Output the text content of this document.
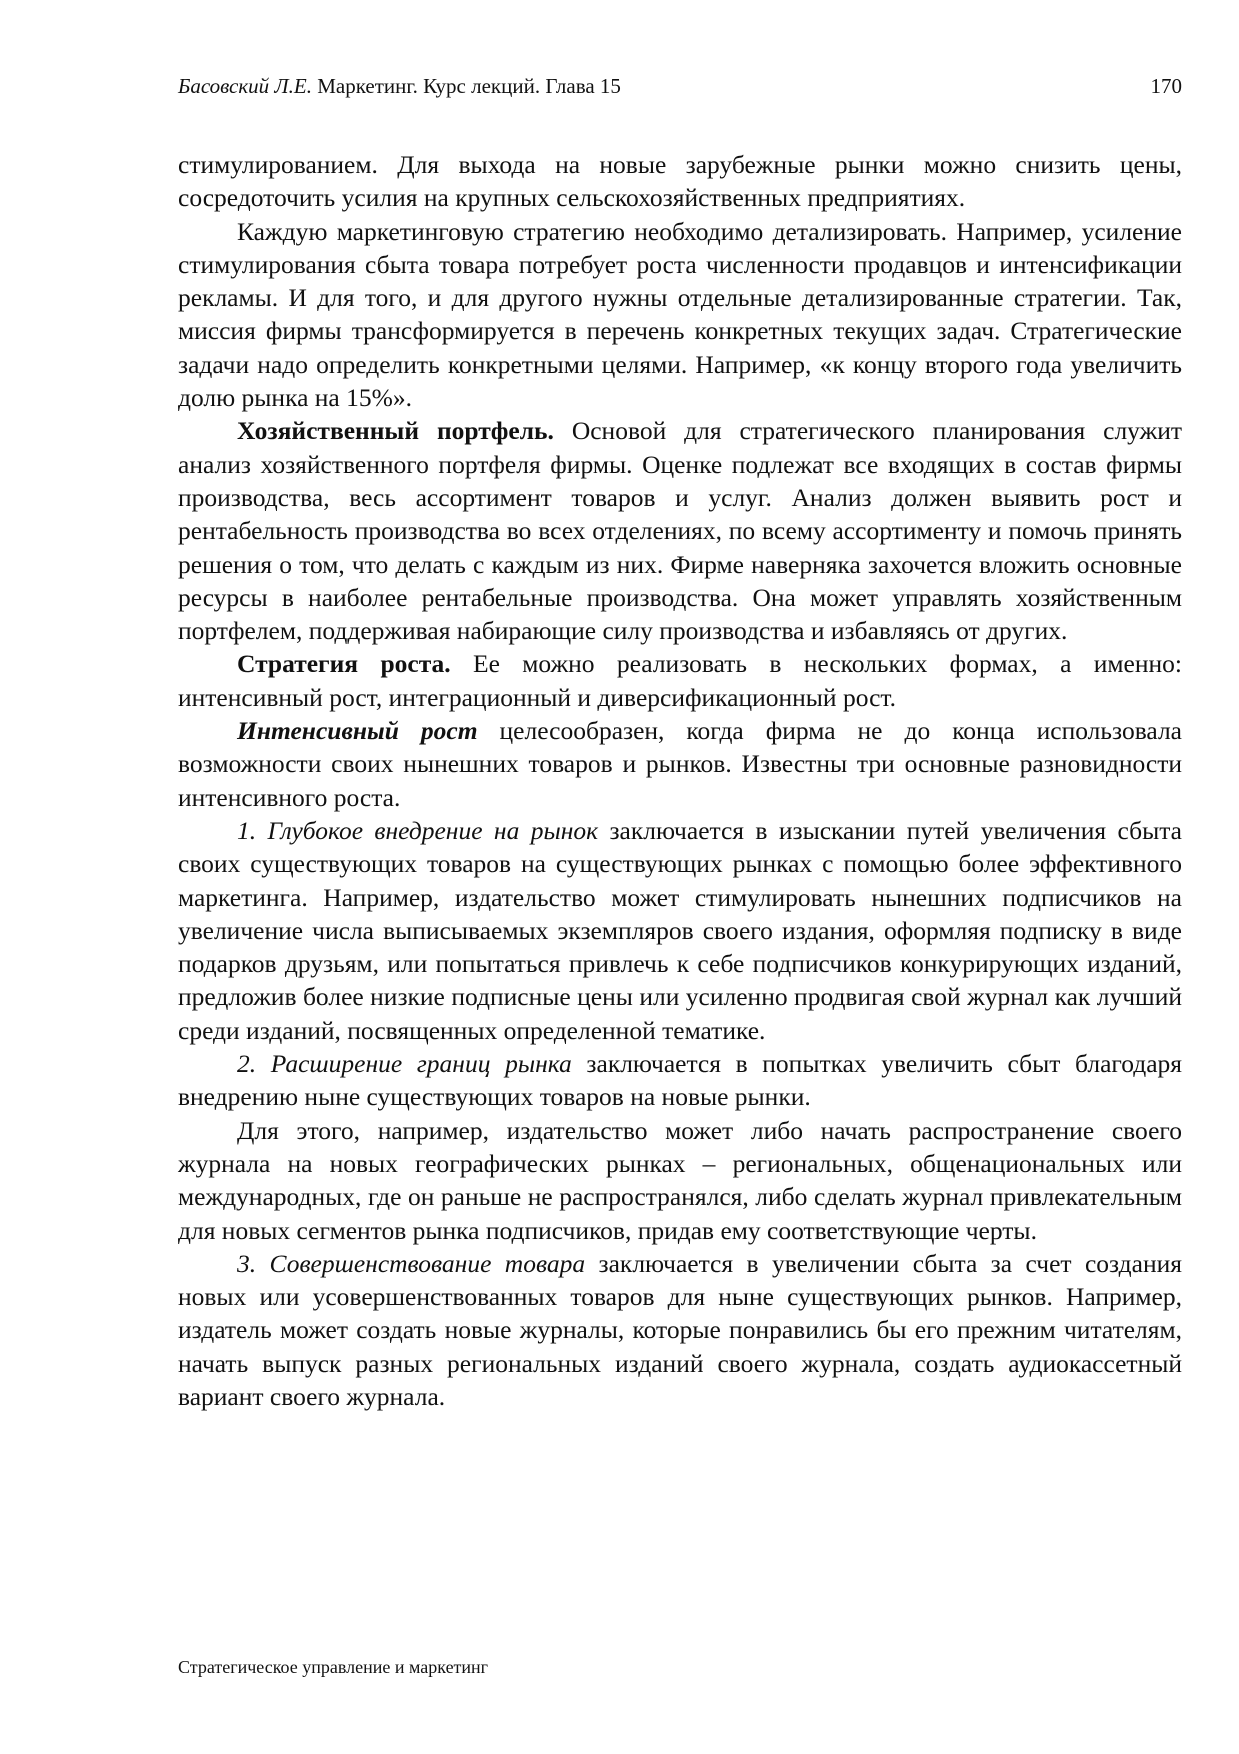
Басовский Л.Е. Маркетинг. Курс лекций. Глава 15	170

стимулированием. Для выхода на новые зарубежные рынки можно снизить цены, сосредоточить усилия на крупных сельскохозяйственных предприятиях.

Каждую маркетинговую стратегию необходимо детализировать. Например, усиление стимулирования сбыта товара потребует роста численности продавцов и интенсификации рекламы. И для того, и для другого нужны отдельные детализированные стратегии. Так, миссия фирмы трансформируется в перечень конкретных текущих задач. Стратегические задачи надо определить конкретными целями. Например, «к концу второго года увеличить долю рынка на 15%».

Хозяйственный портфель. Основой для стратегического планирования служит анализ хозяйственного портфеля фирмы. Оценке подлежат все входящих в состав фирмы производства, весь ассортимент товаров и услуг. Анализ должен выявить рост и рентабельность производства во всех отделениях, по всему ассортименту и помочь принять решения о том, что делать с каждым из них. Фирме наверняка захочется вложить основные ресурсы в наиболее рентабельные производства. Она может управлять хозяйственным портфелем, поддерживая набирающие силу производства и избавляясь от других.

Стратегия роста. Ее можно реализовать в нескольких формах, а именно: интенсивный рост, интеграционный и диверсификационный рост.

Интенсивный рост целесообразен, когда фирма не до конца использовала возможности своих нынешних товаров и рынков. Известны три основные разновидности интенсивного роста.

1. Глубокое внедрение на рынок заключается в изыскании путей увеличения сбыта своих существующих товаров на существующих рынках с помощью более эффективного маркетинга. Например, издательство может стимулировать нынешних подписчиков на увеличение числа выписываемых экземпляров своего издания, оформляя подписку в виде подарков друзьям, или попытаться привлечь к себе подписчиков конкурирующих изданий, предложив более низкие подписные цены или усиленно продвигая свой журнал как лучший среди изданий, посвященных определенной тематике.

2. Расширение границ рынка заключается в попытках увеличить сбыт благодаря внедрению ныне существующих товаров на новые рынки.

Для этого, например, издательство может либо начать распространение своего журнала на новых географических рынках – региональных, общенациональных или международных, где он раньше не распространялся, либо сделать журнал привлекательным для новых сегментов рынка подписчиков, придав ему соответствующие черты.

3. Совершенствование товара заключается в увеличении сбыта за счет создания новых или усовершенствованных товаров для ныне существующих рынков. Например, издатель может создать новые журналы, которые понравились бы его прежним читателям, начать выпуск разных региональных изданий своего журнала, создать аудиокассетный вариант своего журнала.

Стратегическое управление и маркетинг
